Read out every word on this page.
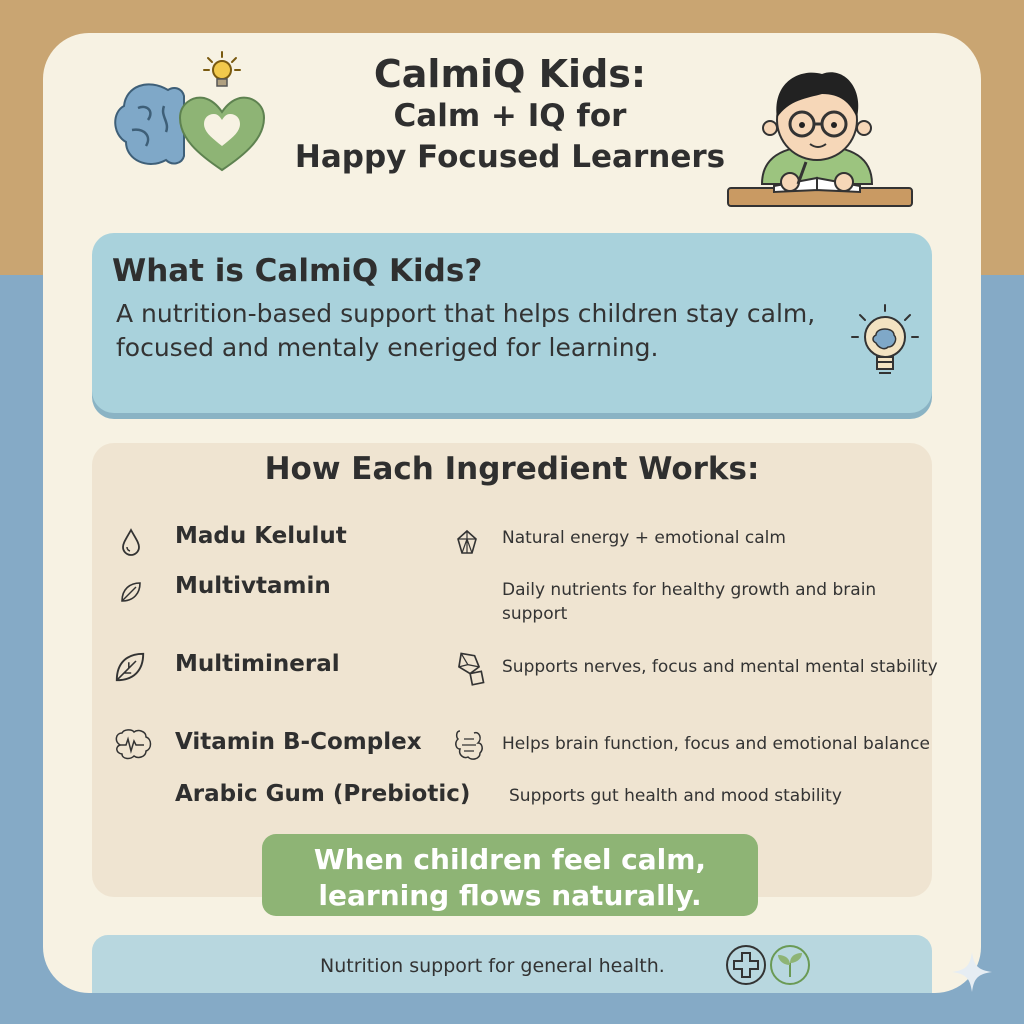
CalmiQ Kids:

Calm + IQ for

Happy Focused Learners

What is CalmiQ Kids?

A nutrition-based support that helps children stay calm, focused and mentaly eneriged for learning.

How Each Ingredient Works:
Madu Kelulut	Natural energy + emotional calm
Multivtamin	Daily nutrients for healthy growth and brain support
Multimineral	Supports nerves, focus and mental mental stability
Vitamin B-Complex	Helps brain function, focus and emotional balance
Arabic Gum (Prebiotic) Supports gut health and mood stability

When children feel calm,
learning flows naturally.

Nutrition support for general health.
